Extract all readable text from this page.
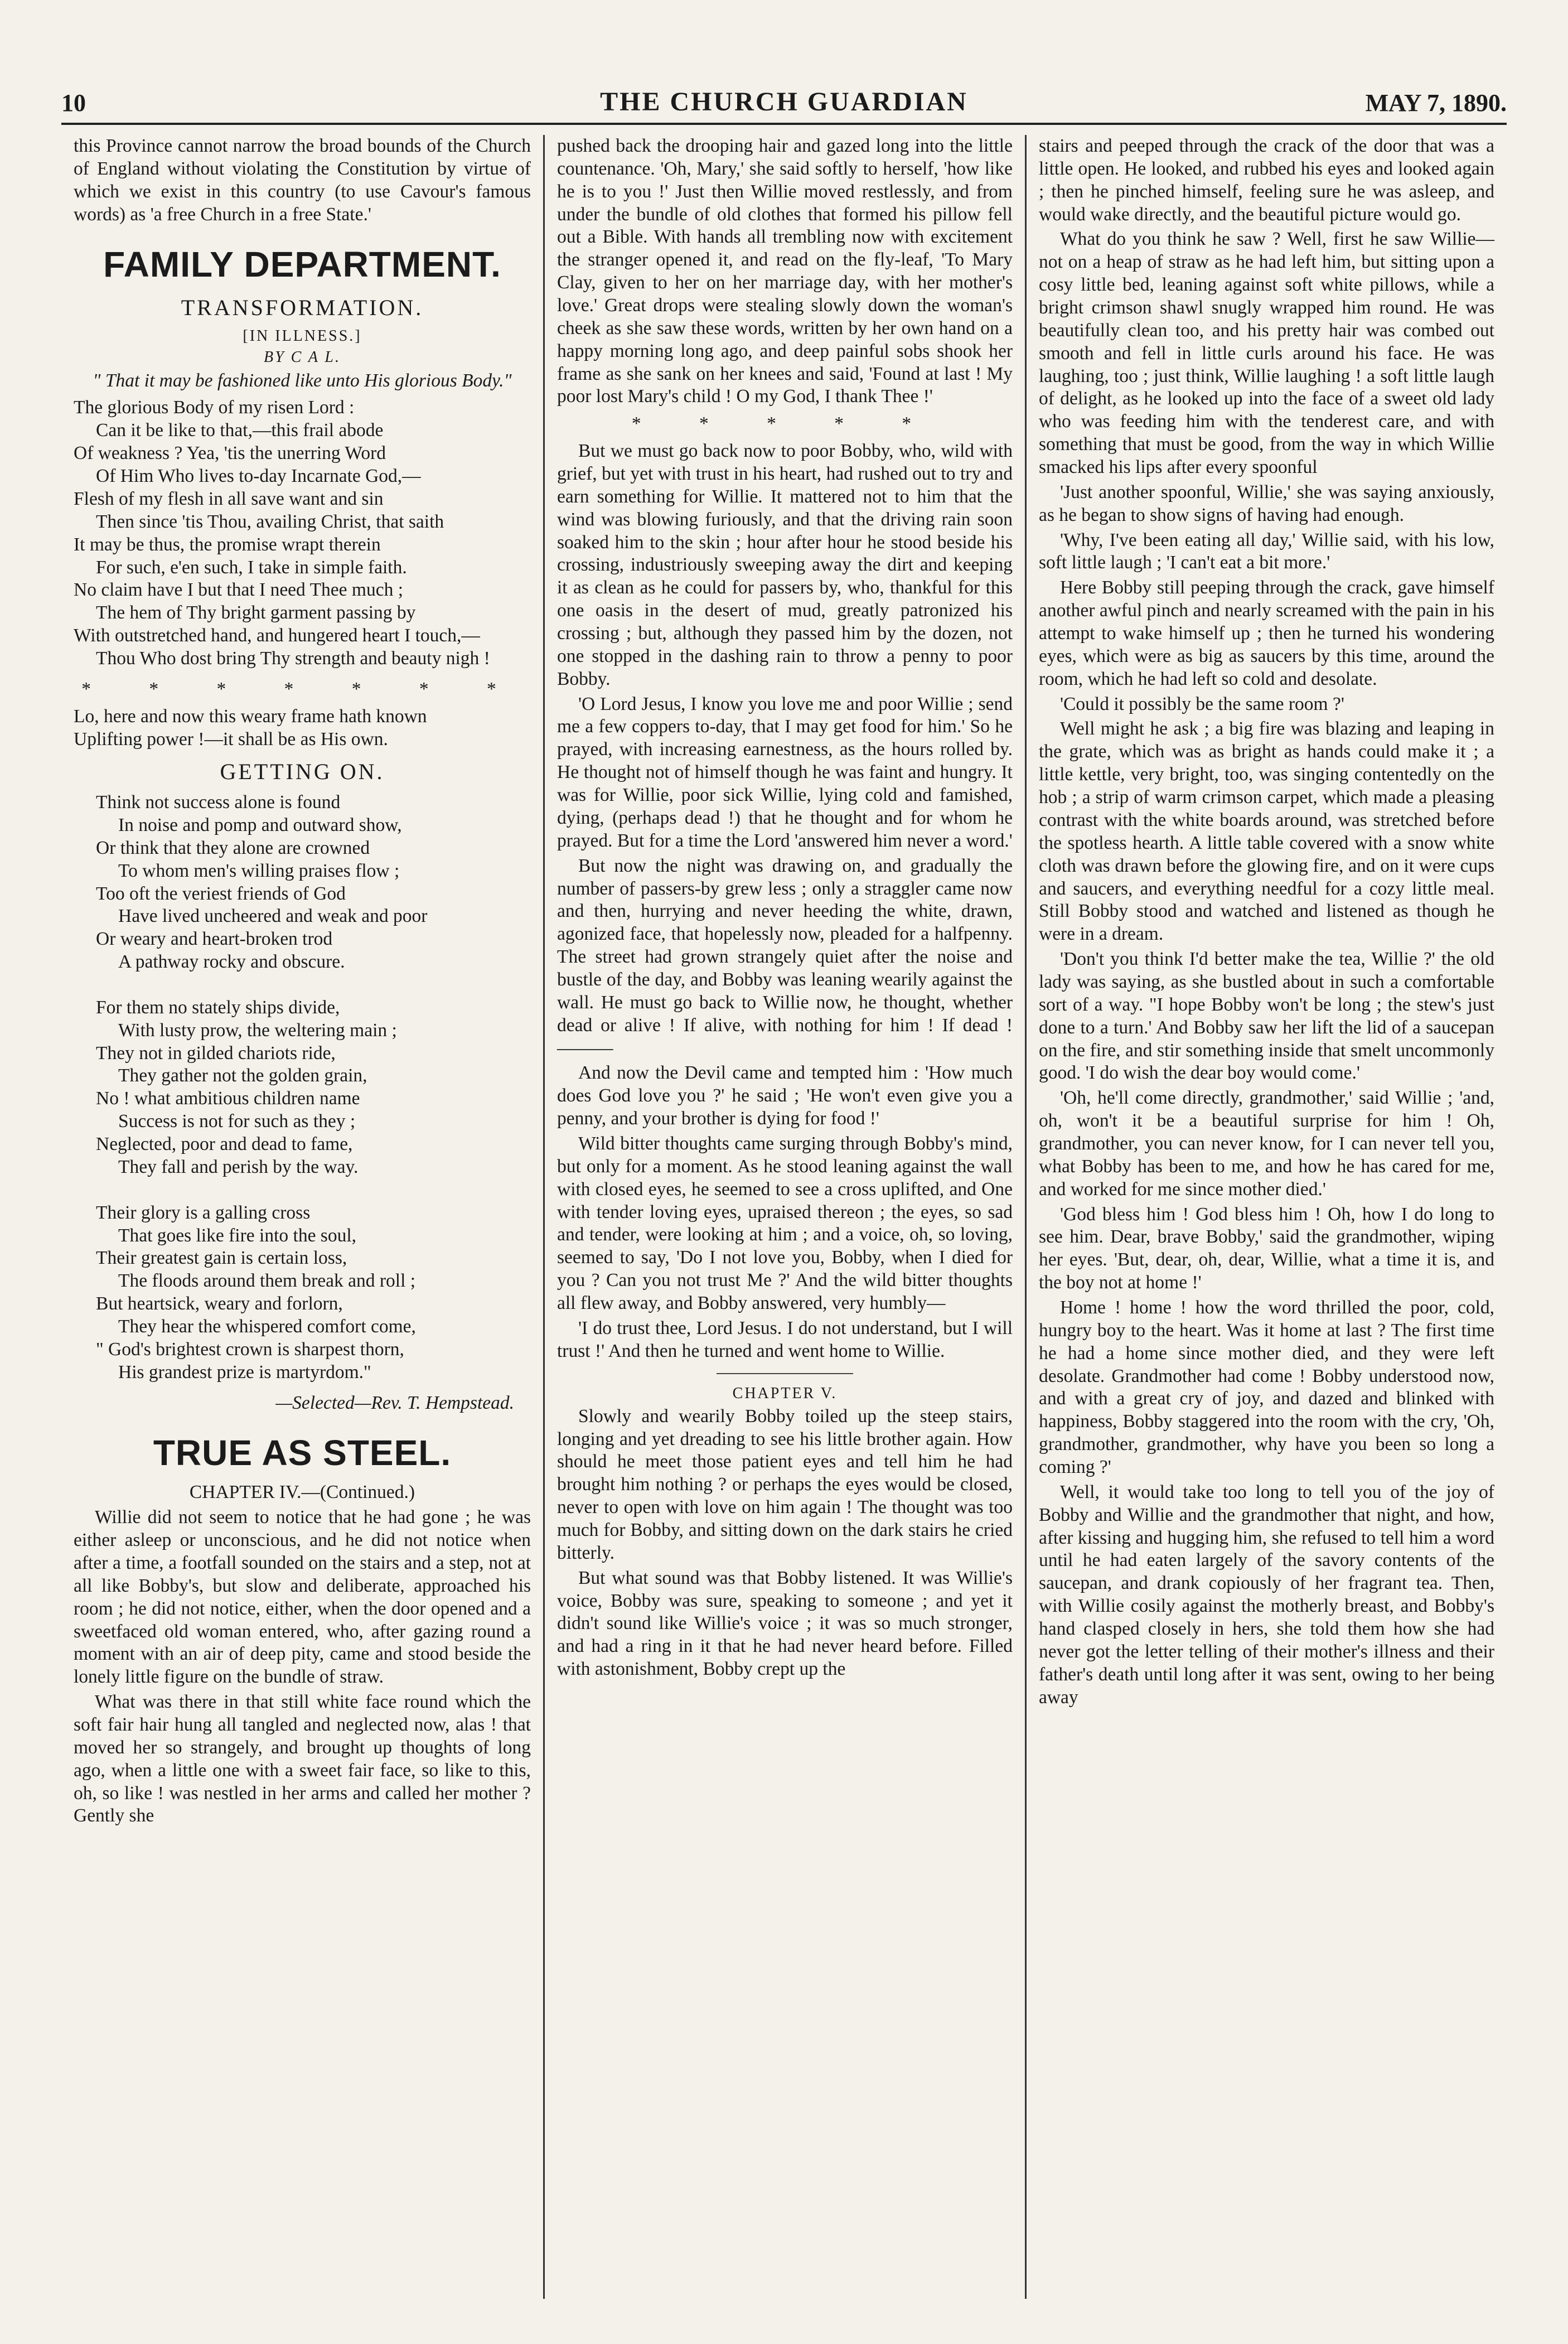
10	THE CHURCH GUARDIAN	MAY 7, 1890.

this Province cannot narrow the broad bounds of the Church of England without violating the Constitution by virtue of which we exist in this country (to use Cavour's famous words) as 'a free Church in a free State.'

FAMILY DEPARTMENT.
TRANSFORMATION.

[IN ILLNESS.]

BY C A L.

" That it may be fashioned like unto His glorious Body."

The glorious Body of my risen Lord :
Can it be like to that,—this frail abode
Of weakness ? Yea, 'tis the unerring Word
Of Him Who lives to-day Incarnate God,—
Flesh of my flesh in all save want and sin
Then since 'tis Thou, availing Christ, that saith
It may be thus, the promise wrapt therein
For such, e'en such, I take in simple faith.
No claim have I but that I need Thee much ;
The hem of Thy bright garment passing by
With outstretched hand, and hungered heart I touch,—
Thou Who dost bring Thy strength and beauty nigh !

* * * * * * *

Lo, here and now this weary frame hath known
Uplifting power !—it shall be as His own.
GETTING ON.
Think not success alone is found
In noise and pomp and outward show,
Or think that they alone are crowned
To whom men's willing praises flow ;
Too oft the veriest friends of God
Have lived uncheered and weak and poor
Or weary and heart-broken trod
A pathway rocky and obscure.

For them no stately ships divide,
With lusty prow, the weltering main ;
They not in gilded chariots ride,
They gather not the golden grain,
No ! what ambitious children name
Success is not for such as they ;
Neglected, poor and dead to fame,
They fall and perish by the way.

Their glory is a galling cross
That goes like fire into the soul,
Their greatest gain is certain loss,
The floods around them break and roll ;
But heartsick, weary and forlorn,
They hear the whispered comfort come,
" God's brightest crown is sharpest thorn,
His grandest prize is martyrdom."

—Selected—Rev. T. Hempstead.

TRUE AS STEEL.

CHAPTER IV.—(Continued.)

Willie did not seem to notice that he had gone ; he was either asleep or unconscious, and he did not notice when after a time, a footfall sounded on the stairs and a step, not at all like Bobby's, but slow and deliberate, approached his room ; he did not notice, either, when the door opened and a sweetfaced old woman entered, who, after gazing round a moment with an air of deep pity, came and stood beside the lonely little figure on the bundle of straw.

What was there in that still white face round which the soft fair hair hung all tangled and neglected now, alas ! that moved her so strangely, and brought up thoughts of long ago, when a little one with a sweet fair face, so like to this, oh, so like ! was nestled in her arms and called her mother ? Gently she

pushed back the drooping hair and gazed long into the little countenance. 'Oh, Mary,' she said softly to herself, 'how like he is to you !' Just then Willie moved restlessly, and from under the bundle of old clothes that formed his pillow fell out a Bible. With hands all trembling now with excitement the stranger opened it, and read on the fly-leaf, 'To Mary Clay, given to her on her marriage day, with her mother's love.' Great drops were stealing slowly down the woman's cheek as she saw these words, written by her own hand on a happy morning long ago, and deep painful sobs shook her frame as she sank on her knees and said, 'Found at last ! My poor lost Mary's child ! O my God, I thank Thee !'

* * * * *

But we must go back now to poor Bobby, who, wild with grief, but yet with trust in his heart, had rushed out to try and earn something for Willie. It mattered not to him that the wind was blowing furiously, and that the driving rain soon soaked him to the skin ; hour after hour he stood beside his crossing, industriously sweeping away the dirt and keeping it as clean as he could for passers by, who, thankful for this one oasis in the desert of mud, greatly patronized his crossing ; but, although they passed him by the dozen, not one stopped in the dashing rain to throw a penny to poor Bobby.

'O Lord Jesus, I know you love me and poor Willie ; send me a few coppers to-day, that I may get food for him.' So he prayed, with increasing earnestness, as the hours rolled by. He thought not of himself though he was faint and hungry. It was for Willie, poor sick Willie, lying cold and famished, dying, (perhaps dead !) that he thought and for whom he prayed. But for a time the Lord 'answered him never a word.'

But now the night was drawing on, and gradually the number of passers-by grew less ; only a straggler came now and then, hurrying and never heeding the white, drawn, agonized face, that hopelessly now, pleaded for a halfpenny. The street had grown strangely quiet after the noise and bustle of the day, and Bobby was leaning wearily against the wall. He must go back to Willie now, he thought, whether dead or alive ! If alive, with nothing for him ! If dead !———

And now the Devil came and tempted him : 'How much does God love you ?' he said ; 'He won't even give you a penny, and your brother is dying for food !'

Wild bitter thoughts came surging through Bobby's mind, but only for a moment. As he stood leaning against the wall with closed eyes, he seemed to see a cross uplifted, and One with tender loving eyes, upraised thereon ; the eyes, so sad and tender, were looking at him ; and a voice, oh, so loving, seemed to say, 'Do I not love you, Bobby, when I died for you ? Can you not trust Me ?' And the wild bitter thoughts all flew away, and Bobby answered, very humbly—

'I do trust thee, Lord Jesus. I do not understand, but I will trust !' And then he turned and went home to Willie.

CHAPTER V.

Slowly and wearily Bobby toiled up the steep stairs, longing and yet dreading to see his little brother again. How should he meet those patient eyes and tell him he had brought him nothing ? or perhaps the eyes would be closed, never to open with love on him again ! The thought was too much for Bobby, and sitting down on the dark stairs he cried bitterly.

But what sound was that Bobby listened. It was Willie's voice, Bobby was sure, speaking to someone ; and yet it didn't sound like Willie's voice ; it was so much stronger, and had a ring in it that he had never heard before. Filled with astonishment, Bobby crept up the

stairs and peeped through the crack of the door that was a little open. He looked, and rubbed his eyes and looked again ; then he pinched himself, feeling sure he was asleep, and would wake directly, and the beautiful picture would go.

What do you think he saw ? Well, first he saw Willie—not on a heap of straw as he had left him, but sitting upon a cosy little bed, leaning against soft white pillows, while a bright crimson shawl snugly wrapped him round. He was beautifully clean too, and his pretty hair was combed out smooth and fell in little curls around his face. He was laughing, too ; just think, Willie laughing ! a soft little laugh of delight, as he looked up into the face of a sweet old lady who was feeding him with the tenderest care, and with something that must be good, from the way in which Willie smacked his lips after every spoonful

'Just another spoonful, Willie,' she was saying anxiously, as he began to show signs of having had enough.

'Why, I've been eating all day,' Willie said, with his low, soft little laugh ; 'I can't eat a bit more.'

Here Bobby still peeping through the crack, gave himself another awful pinch and nearly screamed with the pain in his attempt to wake himself up ; then he turned his wondering eyes, which were as big as saucers by this time, around the room, which he had left so cold and desolate.

'Could it possibly be the same room ?'

Well might he ask ; a big fire was blazing and leaping in the grate, which was as bright as hands could make it ; a little kettle, very bright, too, was singing contentedly on the hob ; a strip of warm crimson carpet, which made a pleasing contrast with the white boards around, was stretched before the spotless hearth. A little table covered with a snow white cloth was drawn before the glowing fire, and on it were cups and saucers, and everything needful for a cozy little meal. Still Bobby stood and watched and listened as though he were in a dream.

'Don't you think I'd better make the tea, Willie ?' the old lady was saying, as she bustled about in such a comfortable sort of a way. "I hope Bobby won't be long ; the stew's just done to a turn.' And Bobby saw her lift the lid of a saucepan on the fire, and stir something inside that smelt uncommonly good. 'I do wish the dear boy would come.'

'Oh, he'll come directly, grandmother,' said Willie ; 'and, oh, won't it be a beautiful surprise for him ! Oh, grandmother, you can never know, for I can never tell you, what Bobby has been to me, and how he has cared for me, and worked for me since mother died.'

'God bless him ! God bless him ! Oh, how I do long to see him. Dear, brave Bobby,' said the grandmother, wiping her eyes. 'But, dear, oh, dear, Willie, what a time it is, and the boy not at home !'

Home ! home ! how the word thrilled the poor, cold, hungry boy to the heart. Was it home at last ? The first time he had a home since mother died, and they were left desolate. Grandmother had come ! Bobby understood now, and with a great cry of joy, and dazed and blinked with happiness, Bobby staggered into the room with the cry, 'Oh, grandmother, grandmother, why have you been so long a coming ?'

Well, it would take too long to tell you of the joy of Bobby and Willie and the grandmother that night, and how, after kissing and hugging him, she refused to tell him a word until he had eaten largely of the savory contents of the saucepan, and drank copiously of her fragrant tea. Then, with Willie cosily against the motherly breast, and Bobby's hand clasped closely in hers, she told them how she had never got the letter telling of their mother's illness and their father's death until long after it was sent, owing to her being away
